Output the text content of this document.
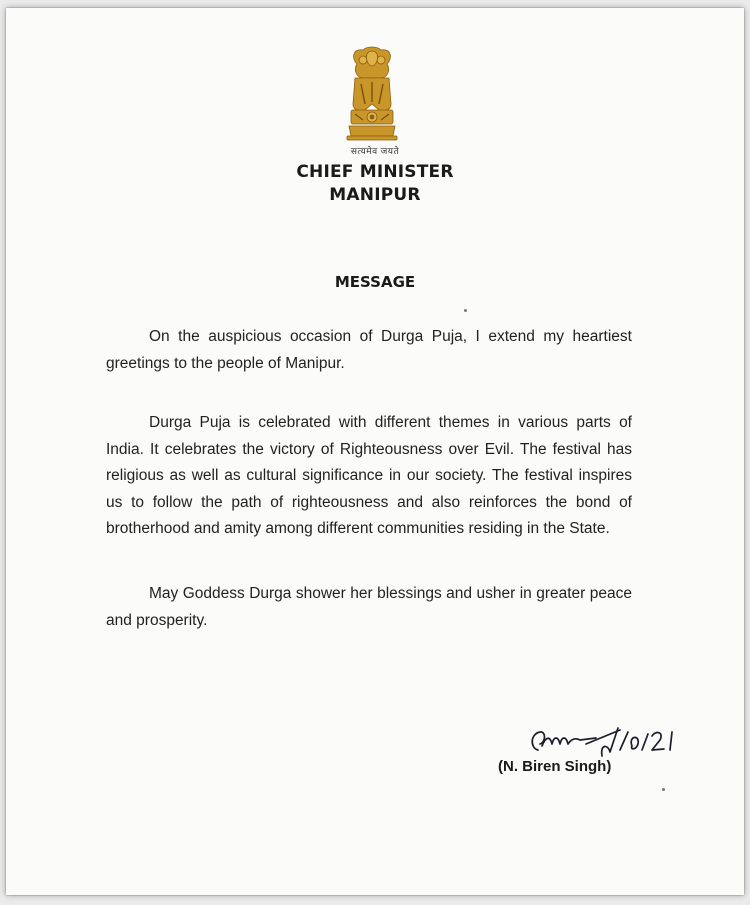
सत्यमेव जयते
CHIEF MINISTER
MANIPUR
MESSAGE

On the auspicious occasion of Durga Puja, I extend my heartiest greetings to the people of Manipur.

Durga Puja is celebrated with different themes in various parts of India. It celebrates the victory of Righteousness over Evil. The festival has religious as well as cultural significance in our society. The festival inspires us to follow the path of righteousness and also reinforces the bond of brotherhood and amity among different communities residing in the State.

May Goddess Durga shower her blessings and usher in greater peace and prosperity.

(N. Biren Singh)
